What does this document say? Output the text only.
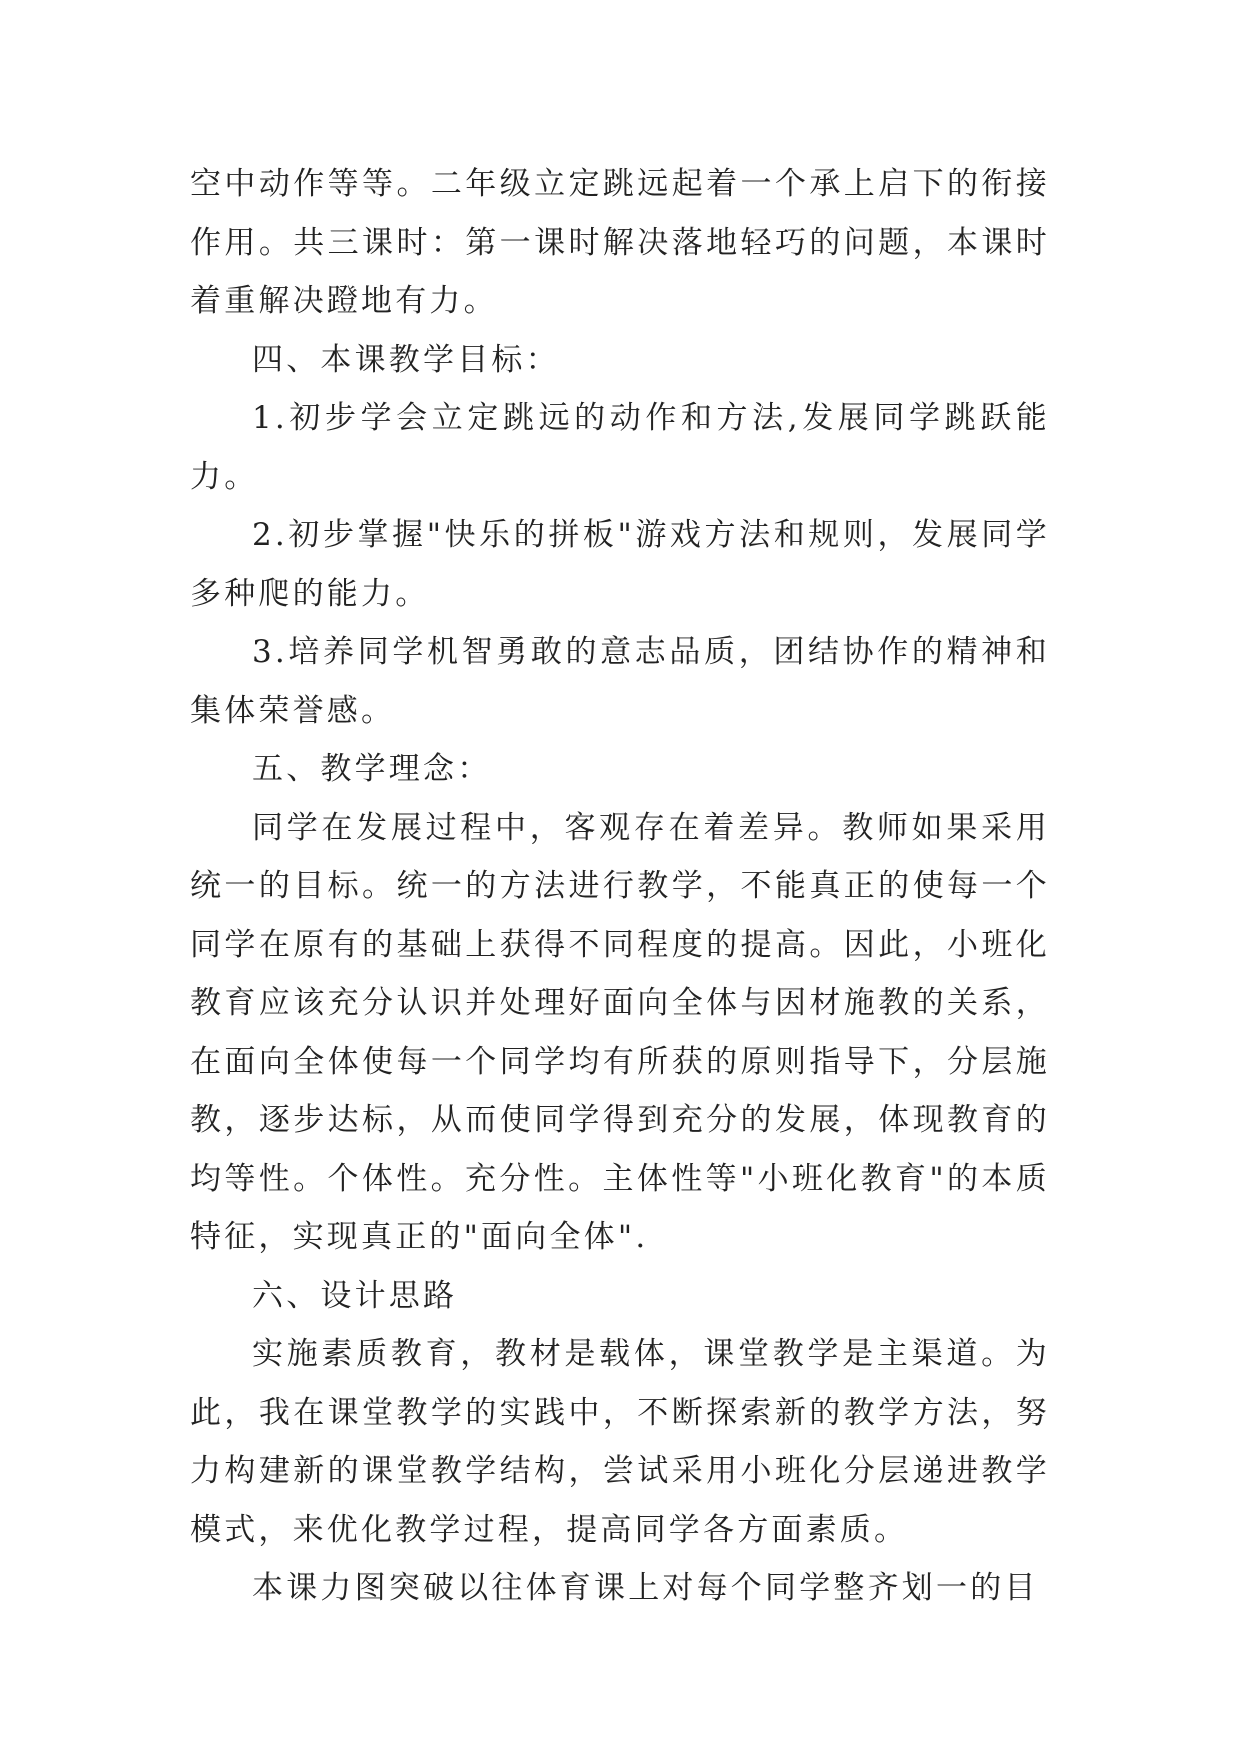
空中动作等等。二年级立定跳远起着一个承上启下的衔接作用。共三课时：第一课时解决落地轻巧的问题，本课时着重解决蹬地有力。

四、本课教学目标：

1.初步学会立定跳远的动作和方法,发展同学跳跃能力。

2.初步掌握"快乐的拼板"游戏方法和规则，发展同学多种爬的能力。

3.培养同学机智勇敢的意志品质，团结协作的精神和集体荣誉感。

五、教学理念：

同学在发展过程中，客观存在着差异。教师如果采用统一的目标。统一的方法进行教学，不能真正的使每一个同学在原有的基础上获得不同程度的提高。因此，小班化教育应该充分认识并处理好面向全体与因材施教的关系，在面向全体使每一个同学均有所获的原则指导下，分层施教，逐步达标，从而使同学得到充分的发展，体现教育的均等性。个体性。充分性。主体性等"小班化教育"的本质特征，实现真正的"面向全体".

六、设计思路

实施素质教育，教材是载体，课堂教学是主渠道。为此，我在课堂教学的实践中，不断探索新的教学方法，努力构建新的课堂教学结构，尝试采用小班化分层递进教学模式，来优化教学过程，提高同学各方面素质。

本课力图突破以往体育课上对每个同学整齐划一的目
